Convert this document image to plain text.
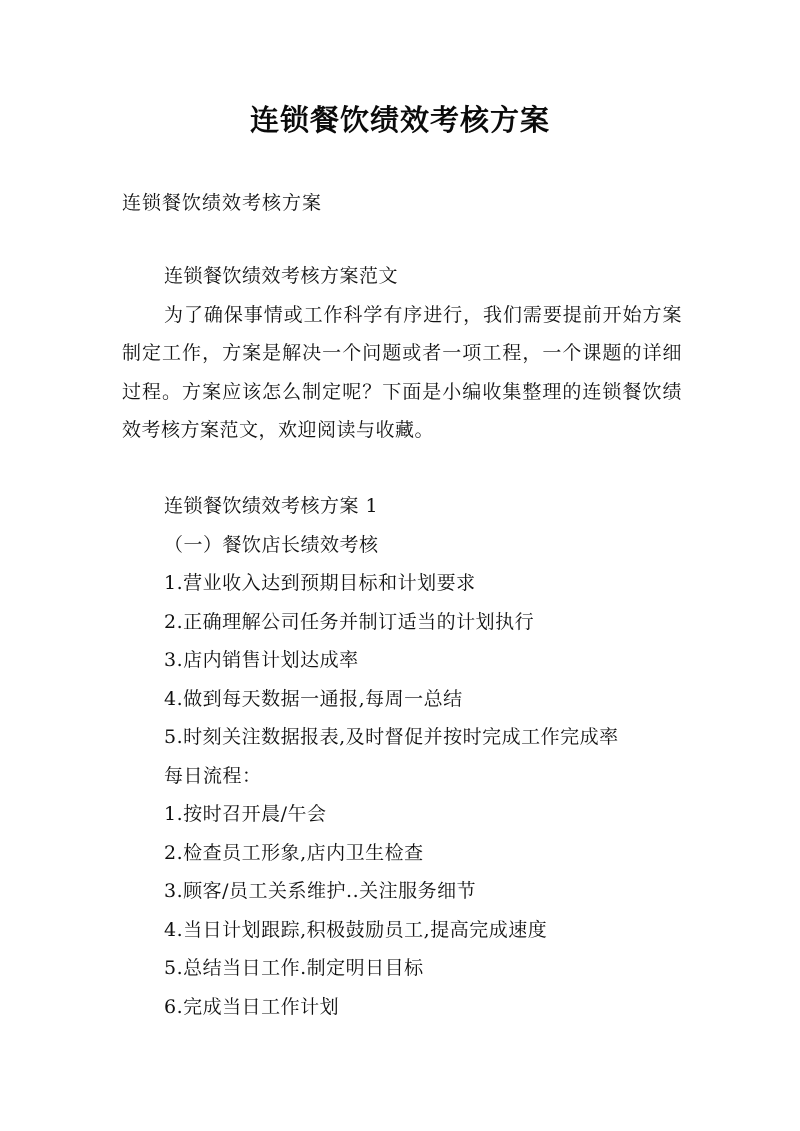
连锁餐饮绩效考核方案
连锁餐饮绩效考核方案

连锁餐饮绩效考核方案范文

为了确保事情或工作科学有序进行，我们需要提前开始方案制定工作，方案是解决一个问题或者一项工程，一个课题的详细过程。方案应该怎么制定呢？下面是小编收集整理的连锁餐饮绩效考核方案范文，欢迎阅读与收藏。

连锁餐饮绩效考核方案 1

（一）餐饮店长绩效考核

1.营业收入达到预期目标和计划要求

2.正确理解公司任务并制订适当的计划执行

3.店内销售计划达成率

4.做到每天数据一通报,每周一总结

5.时刻关注数据报表,及时督促并按时完成工作完成率

每日流程：

1.按时召开晨/午会

2.检查员工形象,店内卫生检查

3.顾客/员工关系维护..关注服务细节

4.当日计划跟踪,积极鼓励员工,提高完成速度

5.总结当日工作.制定明日目标

6.完成当日工作计划
